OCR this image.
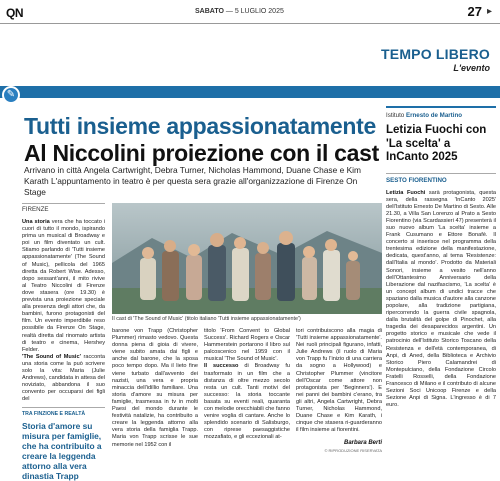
QN	SABATO — 5 LUGLIO 2025	27 ▸
TEMPO LIBERO
L'evento
✎
Tutti insieme appassionatamente
Al Niccolini proiezione con il cast
Arrivano in città Angela Cartwright, Debra Turner, Nicholas Hammond, Duane Chase e Kim Karath L'appuntamento in teatro è per questa sera grazie all'organizzazione di Firenze On Stage
Istituto Ernesto de Martino
Letizia Fuochi con 'La scelta' a InCanto 2025
SESTO FIORENTINO
Letizia Fuochi sarà protagonista, questa sera, della rassegna 'InCanto 2025' dell'Istituto Ernesto De Martino di Sesto. Alle 21.30, a Villa San Lorenzo al Prato a Sesto Fiorentino (via Scardassieri 47) presenterà il suo nuovo album 'La scelta' insieme a Frank Cusumano e Ettore Bonafè. Il concerto si inserisce nel programma della trentesima edizione della manifestazione, dedicata, quest'anno, al tema 'Resistenze: dall'Italia al mondo'. Prodotto da Materiali Sonori, insieme a vesito nell'anno dell'Ottantesimo Anniversario della Liberazione dal nazifascismo, 'La scelta' è un concept album di undici tracce che spaziano dalla musica d'autore alla canzone popolare, alla tradizione partigiana, ripercorrendo la guerra civile spagnola, dalla brutalità del golpe di Pinochet, alla tragedia dei desaparecidos argentini. Un progetto storico e musicale che vede il patrocinio dell'Istituto Storico Toscano della Resistenza e dell'età contemporanea, di Anpi, di Aned, della Biblioteca e Archivio Storico Piero Calamandrei di Montepulciano, della Fondazione Circolo Fratelli Rosselli, della Fondazione Francesco di Milano e il contributo di alcune Sezioni Soci Unicoop Firenze e della Sezione Anpi di Signa. L'ingresso è di 7 euro.
FIRENZE
Una storia vera che ha toccato i cuori di tutto il mondo, ispirando prima un musical di Broadway e poi un film diventato un cult. Stiamo parlando di 'Tutti insieme appassionatamente' (The Sound of Music), pellicola del 1965 diretta da Robert Wise. Adesso, dopo sessant'anni, il mito rivive al Teatro Niccolini di Firenze dove stasera (ore 19.30) è prevista una proiezione speciale alla presenza degli attori che, da bambini, furono protagonisti del film. Un evento imperdibile reso possibile da Firenze On Stage, realtà diretta dal rinomato artista di teatro e cinema, Hershey Felder.
'The Sound of Music' racconta una storia come la può scrivere solo la vita: Maria (Julie Andrews), candidata in attesa del noviziato, abbandona il suo convento per occuparsi dei figli del
TRA FINZIONE E REALTÀ
Storia d'amore su misura per famiglie, che ha contribuito a creare la leggenda attorno alla vera dinastia Trapp
Il cast di 'The Sound of Music' (titolo italiano 'Tutti insieme appassionatamente')
barone von Trapp (Christopher Plummer) rimasto vedovo. Questa donna piena di gioia di vivere, viene subito amata dai figli e anche dal barone, che la sposa poco tempo dopo. Ma il lieto fine viene turbato dall'avvento dei nazisti, una vera e propria minaccia dell'idillio familiare. Una storia d'amore su misura per famiglie, trasmessa in tv in molti Paesi del mondo durante le festività natalizie, ha contribuito a creare la leggenda attorno alla vera storia della famiglia Trapp. Maria von Trapp scrisse le sue memorie nel 1952 con il
titolo 'From Convent to Global Success'. Richard Rogers e Oscar Hammerstein portarono il libro sul palcoscenico nel 1959 con il musical 'The Sound of Music'.
Il successo di Broadway fu trasformato in un film che a distanza di oltre mezzo secolo resta un cult. Tanti motivi del successo: la storia toccante basata su eventi reali, quaranta con melodie orecchiabili che fanno venire voglia di cantare. Anche lo splendido scenario di Salisburgo, con riprese paesaggistiche mozzafiato, e gli eccezionali at-
tori contribuiscono alla magia di 'Tutti insieme appassionatamente'. Nei ruoli principali figurano, infatti, Julie Andrews (il ruolo di Maria von Trapp fu l'inizio di una carriera da sogno a Hollywood) e Christopher Plummer (vincitore dell'Oscar come attore non protagonista per 'Beginners'). E nei panni dei bambini c'erano, tra gli altri, Angela Cartwright, Debra Turner, Nicholas Hammond, Duane Chase e Kim Karath, i cinque che stasera ri-guarderanno il film insieme ai fiorentini.
Barbara Berti
© RIPRODUZIONE RISERVATA
